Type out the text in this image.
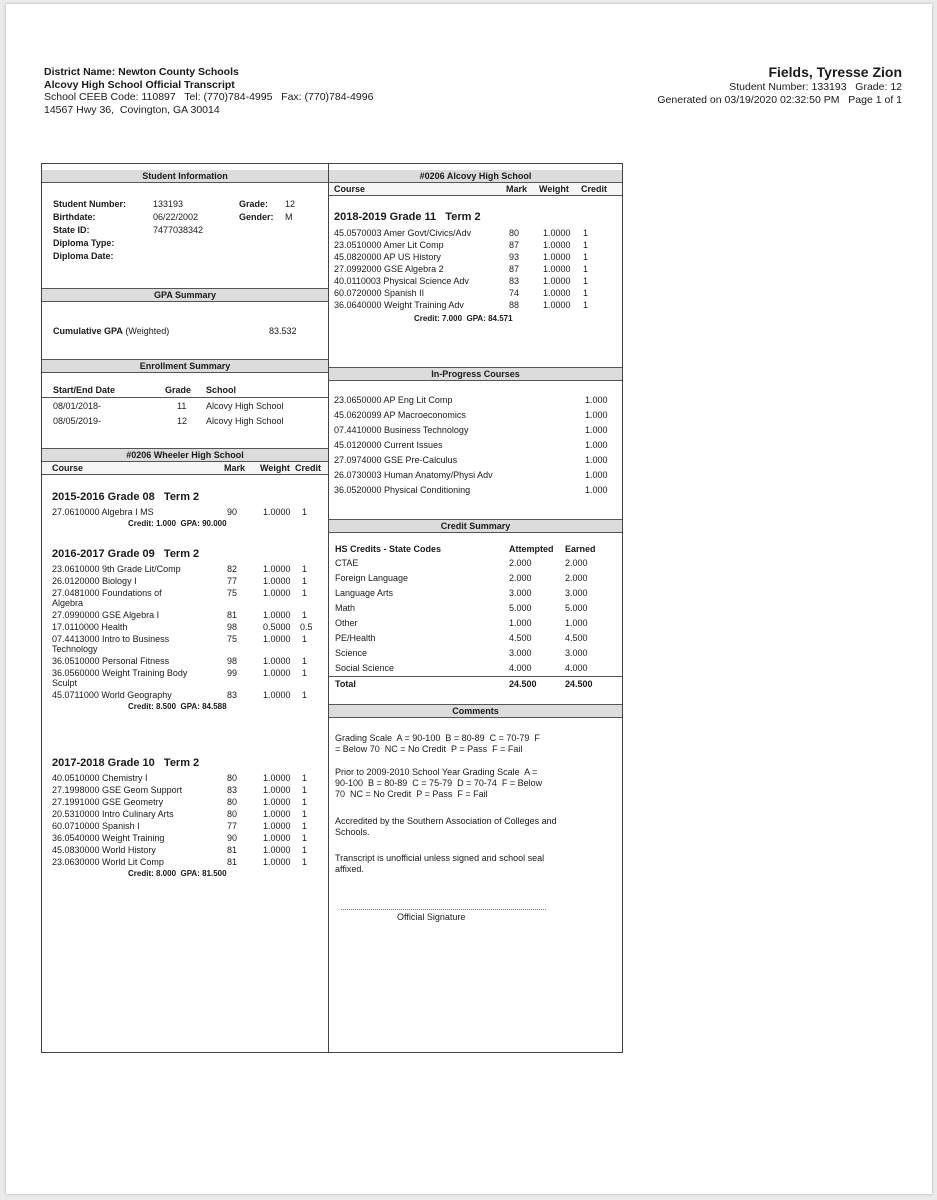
District Name: Newton County Schools
Alcovy High School Official Transcript
School CEEB Code: 110897   Tel: (770)784-4995   Fax: (770)784-4996
14567 Hwy 36,  Covington, GA 30014
Fields, Tyresse Zion
Student Number: 133193   Grade: 12
Generated on 03/19/2020 02:32:50 PM   Page 1 of 1
Student Information
Student Number:	133193	Grade: 12
Birthdate:	06/22/2002	Gender: M
State ID:	7477038342
Diploma Type:
Diploma Date:
GPA Summary
Cumulative GPA (Weighted)	83.532
Enrollment Summary
Start/End Date	Grade School
08/01/2018-	11 Alcovy High School
08/05/2019-	12 Alcovy High School
#0206 Wheeler High School
Course	Mark Weight Credit
2015-2016 Grade 08   Term 2
27.0610000 Algebra I MS	90	1.0000 1
Credit: 1.000  GPA: 90.000
2016-2017 Grade 09   Term 2
23.0610000 9th Grade Lit/Comp	82	1.0000 1
26.0120000 Biology I	77	1.0000 1
27.0481000 Foundations of	75	1.0000 1
Algebra
27.0990000 GSE Algebra I	81	1.0000 1
17.0110000 Health	98	0.5000 0.5
07.4413000 Intro to Business	75	1.0000 1
Technology
36.0510000 Personal Fitness	98	1.0000 1
36.0560000 Weight Training Body	99	1.0000 1
Sculpt
45.0711000 World Geography	83	1.0000 1
Credit: 8.500  GPA: 84.588
2017-2018 Grade 10   Term 2
40.0510000 Chemistry I	80	1.0000 1
27.1998000 GSE Geom Support	83	1.0000 1
27.1991000 GSE Geometry	80	1.0000 1
20.5310000 Intro Culinary Arts	80	1.0000 1
60.0710000 Spanish I	77	1.0000 1
36.0540000 Weight Training	90	1.0000 1
45.0830000 World History	81	1.0000 1
23.0630000 World Lit Comp	81	1.0000 1
Credit: 8.000  GPA: 81.500
#0206 Alcovy High School
Course	Mark Weight Credit
2018-2019 Grade 11   Term 2
45.0570003 Amer Govt/Civics/Adv	80	1.0000 1
23.0510000 Amer Lit Comp	87	1.0000 1
45.0820000 AP US History	93	1.0000 1
27.0992000 GSE Algebra 2	87	1.0000 1
40.0110003 Physical Science Adv	83	1.0000 1
60.0720000 Spanish II	74	1.0000 1
36.0640000 Weight Training Adv	88	1.0000 1
Credit: 7.000  GPA: 84.571
In-Progress Courses
23.0650000 AP Eng Lit Comp	1.000
45.0620099 AP Macroeconomics	1.000
07.4410000 Business Technology	1.000
45.0120000 Current Issues	1.000
27.0974000 GSE Pre-Calculus	1.000
26.0730003 Human Anatomy/Physi Adv	1.000
36.0520000 Physical Conditioning	1.000
Credit Summary
HS Credits - State Codes	Attempted Earned
CTAE	2.000	2.000
Foreign Language	2.000	2.000
Language Arts	3.000	3.000
Math	5.000	5.000
Other	1.000	1.000
PE/Health	4.500	4.500
Science	3.000	3.000
Social Science	4.000	4.000
Total	24.500	24.500
Comments
Grading Scale  A = 90-100  B = 80-89  C = 70-79  F
= Below 70  NC = No Credit  P = Pass  F = Fail
Prior to 2009-2010 School Year Grading Scale  A =
90-100  B = 80-89  C = 75-79  D = 70-74  F = Below
70  NC = No Credit  P = Pass  F = Fail
Accredited by the Southern Association of Colleges and
Schools.
Transcript is unofficial unless signed and school seal
affixed.
Official Signature
